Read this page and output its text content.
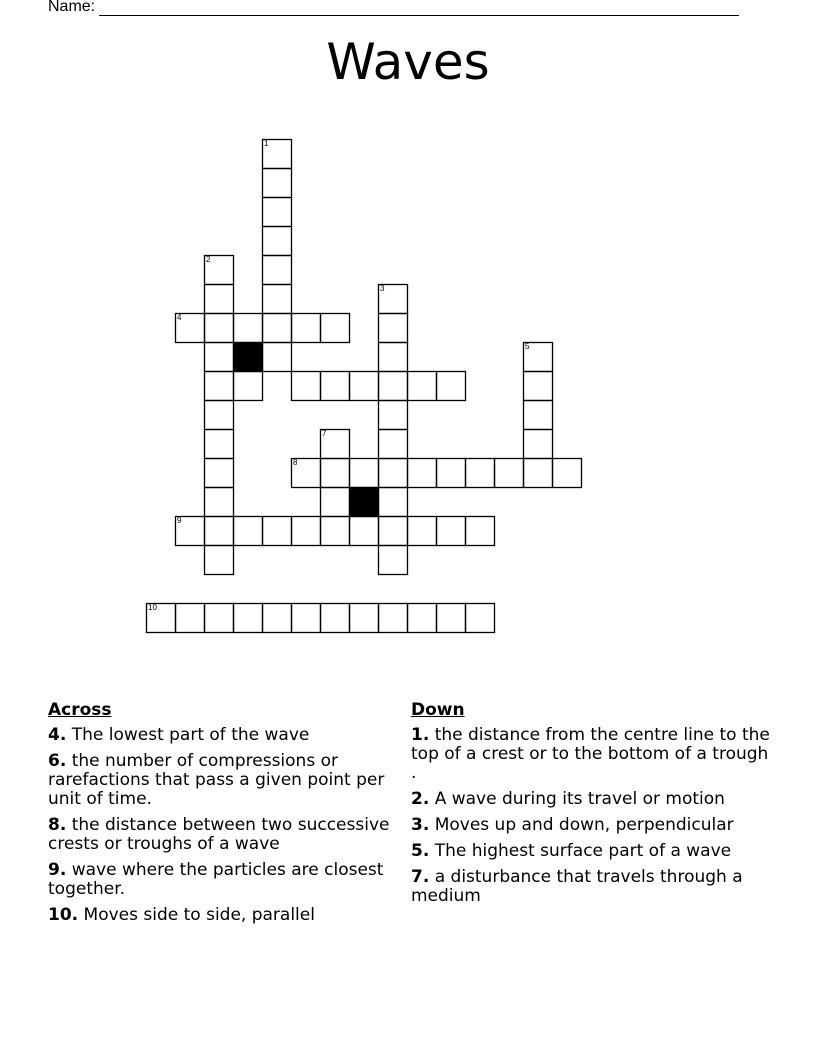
Name:
Waves
1
2
3
4
5
7
8
9
10
Across
4. The lowest part of the wave
6. the number of compressions or rarefactions that pass a given point per unit of time.
8. the distance between two successive crests or troughs of a wave
9. wave where the particles are closest together.
10. Moves side to side, parallel
Down
1. the distance from the centre line to the top of a crest or to the bottom of a trough .
2. A wave during its travel or motion
3. Moves up and down, perpendicular
5. The highest surface part of a wave
7. a disturbance that travels through a medium
